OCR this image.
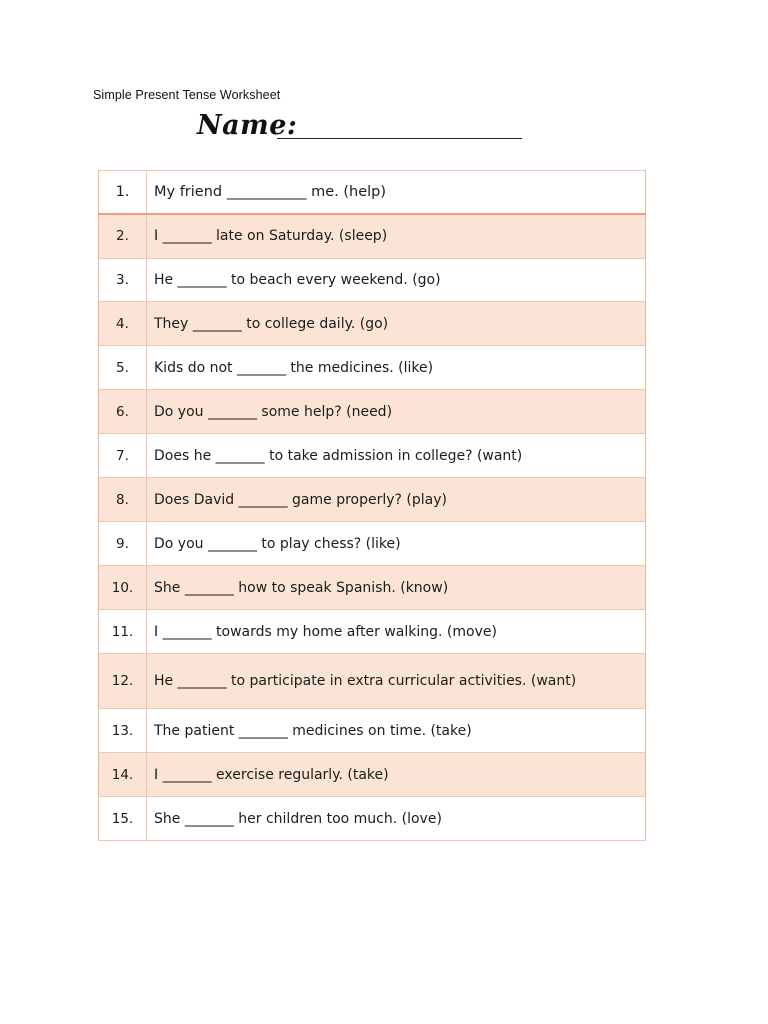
Simple Present Tense Worksheet
Name:
1.	My friend ___________ me. (help)
2.	I _______ late on Saturday. (sleep)
3.	He _______ to beach every weekend. (go)
4.	They _______ to college daily. (go)
5.	Kids do not _______ the medicines. (like)
6.	Do you _______ some help? (need)
7.	Does he _______ to take admission in college? (want)
8.	Does David _______ game properly? (play)
9.	Do you _______ to play chess? (like)
10.	She _______ how to speak Spanish. (know)
11.	I _______ towards my home after walking. (move)
12.	He _______ to participate in extra curricular activities. (want)
13.	The patient _______ medicines on time. (take)
14.	I _______ exercise regularly. (take)
15.	She _______ her children too much. (love)
